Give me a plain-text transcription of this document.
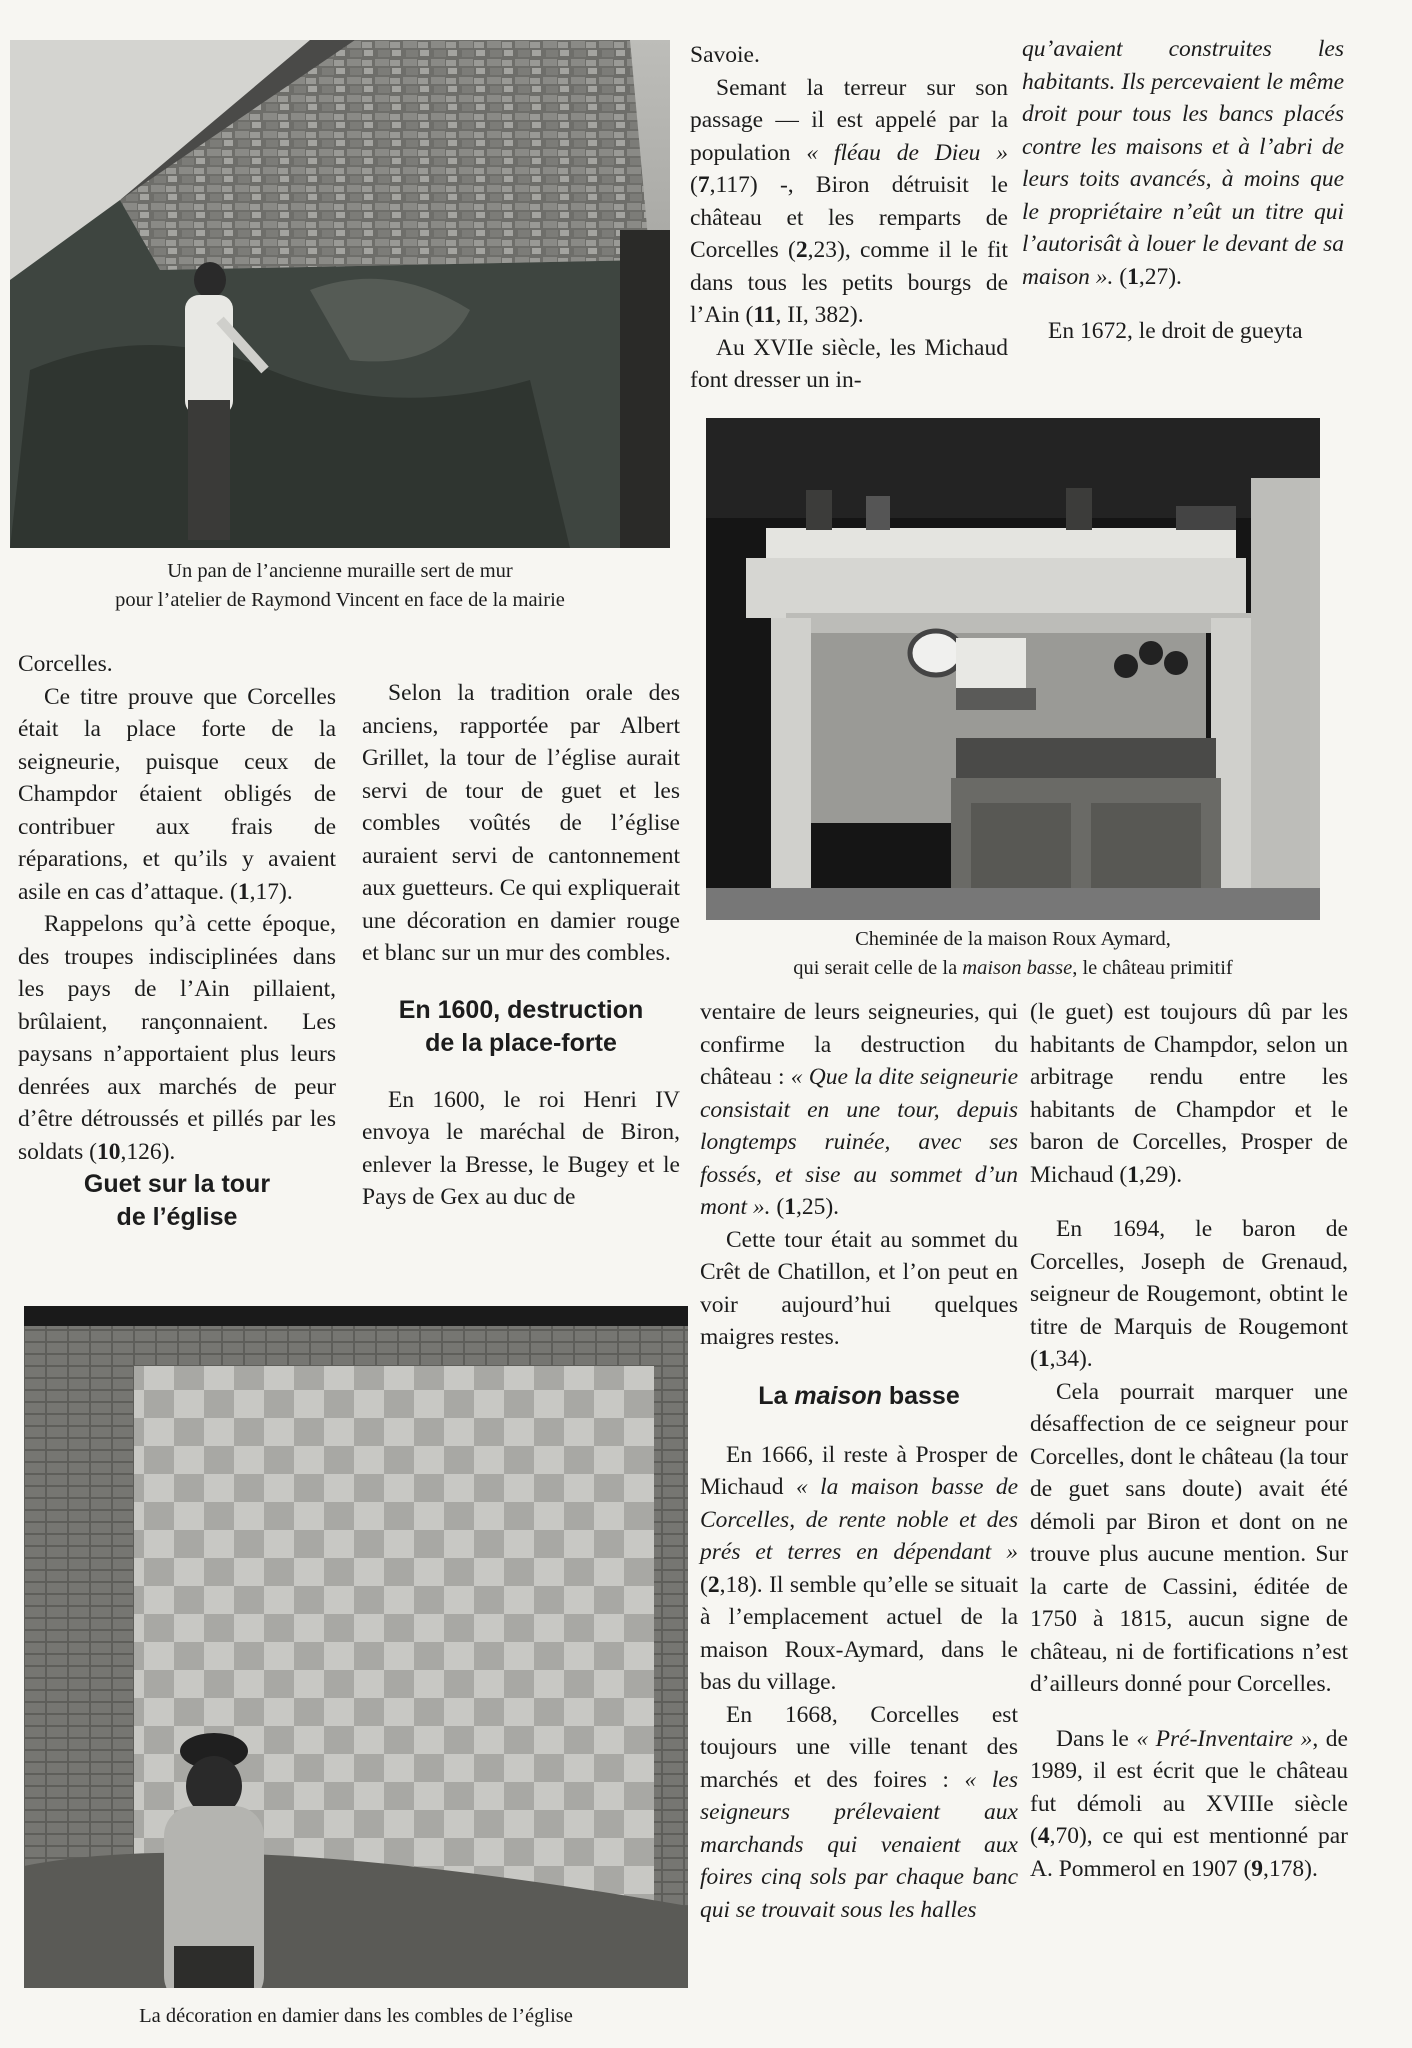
Un pan de l’ancienne muraille sert de mur
pour l’atelier de Raymond Vincent en face de la mairie
Cheminée de la maison Roux Aymard,
qui serait celle de la maison basse, le château primitif
La décoration en damier dans les combles de l’église

Savoie.

Semant la terreur sur son passage — il est appelé par la population « fléau de Dieu » (7,117) -, Biron détruisit le château et les remparts de Corcelles (2,23), comme il le fit dans tous les petits bourgs de l’Ain (11, II, 382).

Au XVIIe siècle, les Michaud font dresser un in-

qu’avaient construites les habitants. Ils percevaient le même droit pour tous les bancs placés contre les maisons et à l’abri de leurs toits avancés, à moins que le propriétaire n’eût un titre qui l’autorisât à louer le devant de sa maison ». (1,27).

En 1672, le droit de gueyta

Corcelles.

Ce titre prouve que Corcelles était la place forte de la seigneurie, puisque ceux de Champdor étaient obligés de contribuer aux frais de réparations, et qu’ils y avaient asile en cas d’attaque. (1,17).

Rappelons qu’à cette époque, des troupes indisciplinées dans les pays de l’Ain pillaient, brûlaient, rançonnaient. Les paysans n’apportaient plus leurs denrées aux marchés de peur d’être détroussés et pillés par les soldats (10,126).

Guet sur la tour
de l’église

Selon la tradition orale des anciens, rapportée par Albert Grillet, la tour de l’église aurait servi de tour de guet et les combles voûtés de l’église auraient servi de cantonnement aux guetteurs. Ce qui expliquerait une décoration en damier rouge et blanc sur un mur des combles.

En 1600, destruction
de la place-forte

En 1600, le roi Henri IV envoya le maréchal de Biron, enlever la Bresse, le Bugey et le Pays de Gex au duc de

ventaire de leurs seigneuries, qui confirme la destruction du château : « Que la dite seigneurie consistait en une tour, depuis longtemps ruinée, avec ses fossés, et sise au sommet d’un mont ». (1,25).

Cette tour était au sommet du Crêt de Chatillon, et l’on peut en voir aujourd’hui quelques maigres restes.

La maison basse

En 1666, il reste à Prosper de Michaud « la maison basse de Corcelles, de rente noble et des prés et terres en dépendant » (2,18). Il semble qu’elle se situait à l’emplacement actuel de la maison Roux-Aymard, dans le bas du village.

En 1668, Corcelles est toujours une ville tenant des marchés et des foires : « les seigneurs prélevaient aux marchands qui venaient aux foires cinq sols par chaque banc qui se trouvait sous les halles

(le guet) est toujours dû par les habitants de Champdor, selon un arbitrage rendu entre les habitants de Champdor et le baron de Corcelles, Prosper de Michaud (1,29).

En 1694, le baron de Corcelles, Joseph de Grenaud, seigneur de Rougemont, obtint le titre de Marquis de Rougemont (1,34).

Cela pourrait marquer une désaffection de ce seigneur pour Corcelles, dont le château (la tour de guet sans doute) avait été démoli par Biron et dont on ne trouve plus aucune mention. Sur la carte de Cassini, éditée de 1750 à 1815, aucun signe de château, ni de fortifications n’est d’ailleurs donné pour Corcelles.

Dans le « Pré-Inventaire », de 1989, il est écrit que le château fut démoli au XVIIIe siècle (4,70), ce qui est mentionné par A. Pommerol en 1907 (9,178).
